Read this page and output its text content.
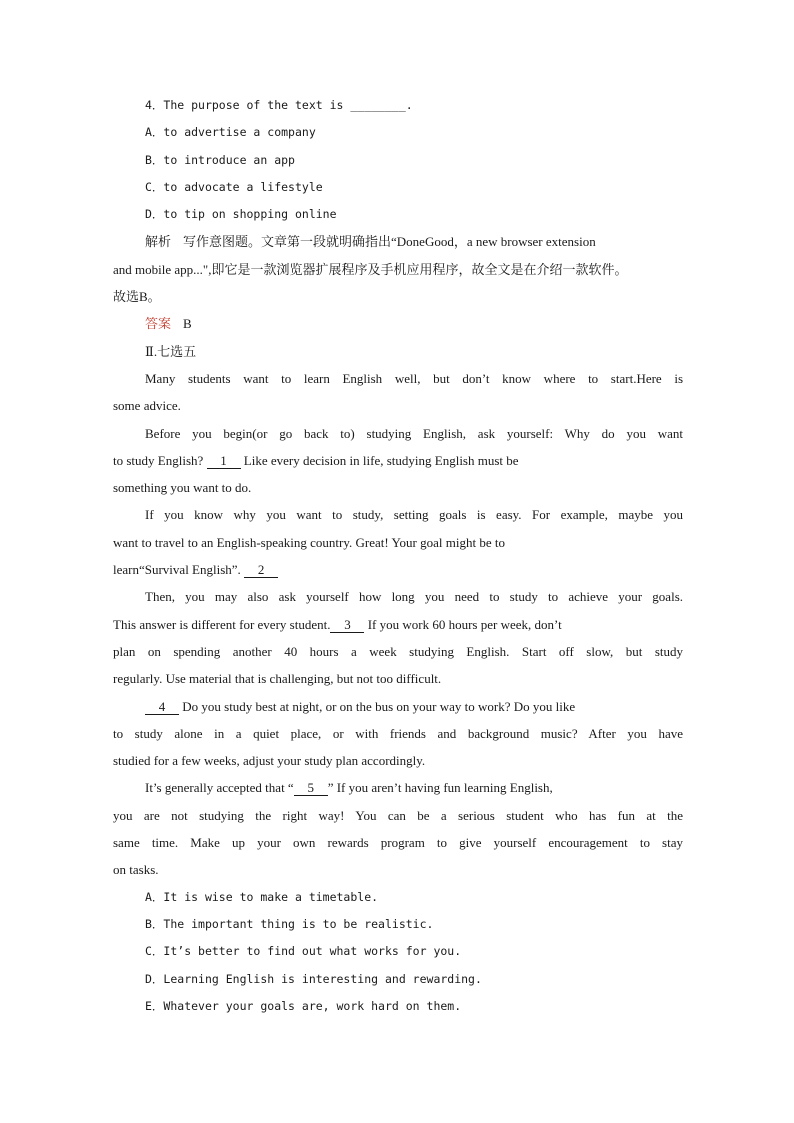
4．The purpose of the text is ________.
A．to advertise a company
B．to introduce an app
C．to advocate a lifestyle
D．to tip on shopping online
解析 写作意图题。文章第一段就明确指出“DoneGood，a new browser extension
and mobile app...",即它是一款浏览器扩展程序及手机应用程序，故全文是在介绍一款软件。
故选B。
答案 B
Ⅱ.七选五
Many students want to learn English well, but don’t know where to start.Here is
some advice.
Before you begin(or go back to) studying English, ask yourself: Why do you want
to study English? 1 Like every decision in life, studying English must be
something you want to do.
If you know why you want to study, setting goals is easy. For example, maybe you
want to travel to an English-speaking country. Great! Your goal might be to
learn“Survival English”. 2
Then, you may also ask yourself how long you need to study to achieve your goals.
This answer is different for every student. 3 If you work 60 hours per week, don’t
plan on spending another 40 hours a week studying English. Start off slow, but study
regularly. Use material that is challenging, but not too difficult.
4 Do you study best at night, or on the bus on your way to work? Do you like
to study alone in a quiet place, or with friends and background music? After you have
studied for a few weeks, adjust your study plan accordingly.
It’s generally accepted that “ 5 ” If you aren’t having fun learning English,
you are not studying the right way! You can be a serious student who has fun at the
same time. Make up your own rewards program to give yourself encouragement to stay
on tasks.
A．It is wise to make a timetable.
B．The important thing is to be realistic.
C．It’s better to find out what works for you.
D．Learning English is interesting and rewarding.
E．Whatever your goals are, work hard on them.
